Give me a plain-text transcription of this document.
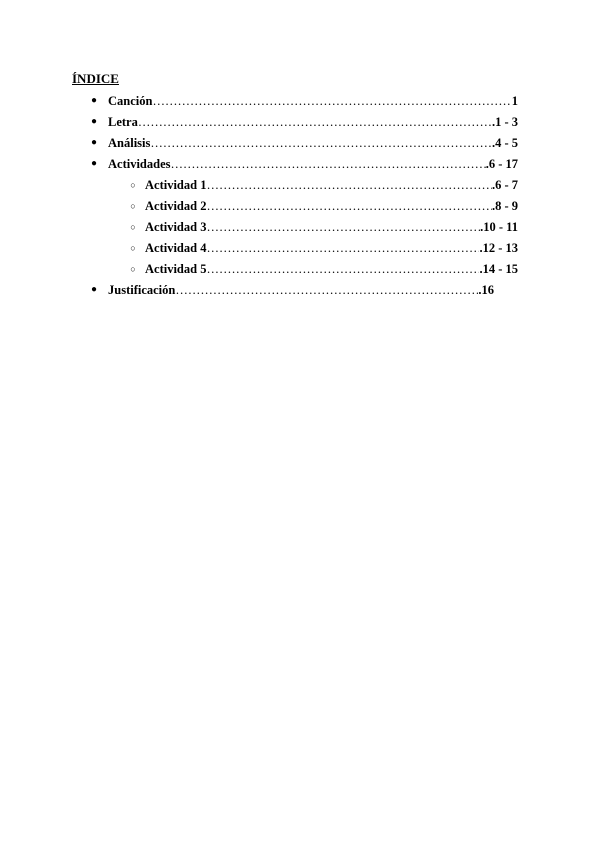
ÍNDICE
● Canción ………………………………………………………………………………………………………………………………………………………………………	1
● Letra ………………………………………………………………………………………………………………………………………………………………………	.1 - 3
● Análisis ………………………………………………………………………………………………………………………………………………………………………	.4 - 5
● Actividades ………………………………………………………………………………………………………………………………………………………………………	.6 - 17
○ Actividad 1 ………………………………………………………………………………………………………………………………………………………………………	.6 - 7
○ Actividad 2 ………………………………………………………………………………………………………………………………………………………………………	.8 - 9
○ Actividad 3 ………………………………………………………………………………………………………………………………………………………………………	.10 - 11
○ Actividad 4 ………………………………………………………………………………………………………………………………………………………………………	.12 - 13
○ Actividad 5 ………………………………………………………………………………………………………………………………………………………………………	.14 - 15
● Justificación ………………………………………………………………………………………………………………………………………………………………………	.16
